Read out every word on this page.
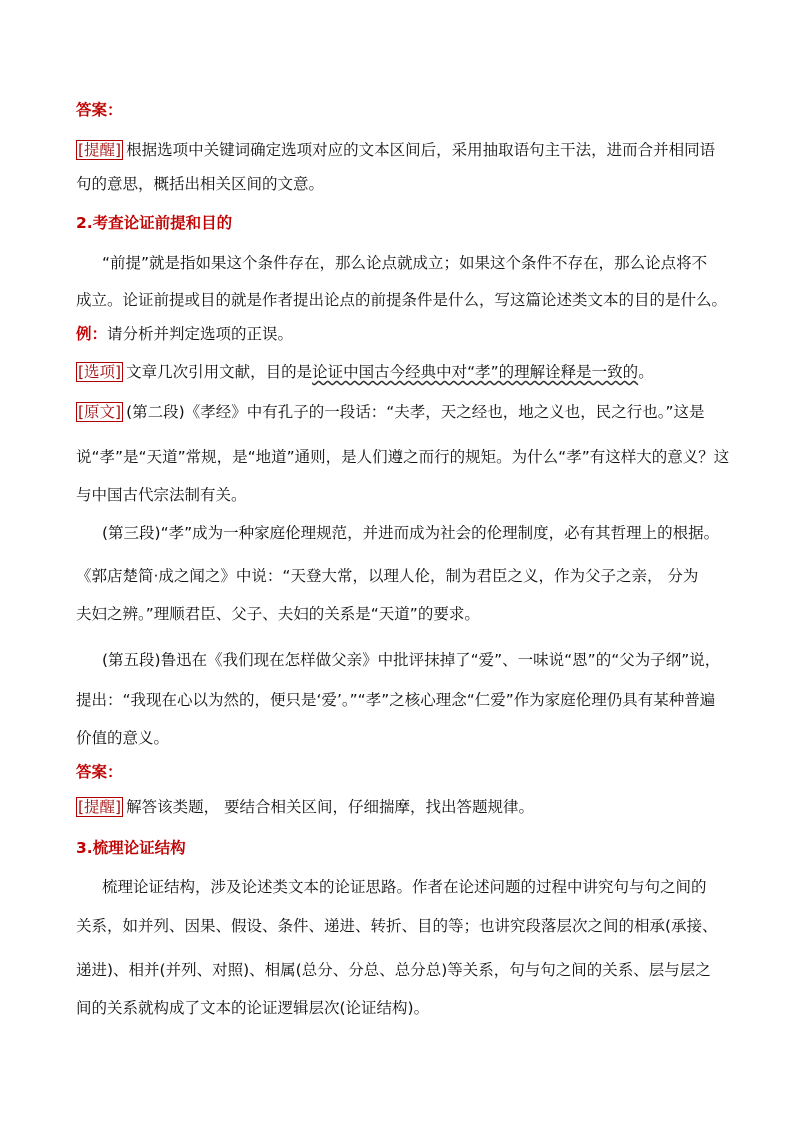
答案：
[提醒] 根据选项中关键词确定选项对应的文本区间后，采用抽取语句主干法，进而合并相同语
句的意思，概括出相关区间的文意。
2.考查论证前提和目的
“前提”就是指如果这个条件存在，那么论点就成立；如果这个条件不存在，那么论点将不
成立。论证前提或目的就是作者提出论点的前提条件是什么，写这篇论述类文本的目的是什么。
例：请分析并判定选项的正误。
[选项] 文章几次引用文献，目的是论证中国古今经典中对“孝”的理解诠释是一致的。
[原文] (第二段)《孝经》中有孔子的一段话：“夫孝，天之经也，地之义也，民之行也。”这是
说“孝”是“天道”常规，是“地道”通则，是人们遵之而行的规矩。为什么“孝”有这样大的意义？这
与中国古代宗法制有关。
(第三段)“孝”成为一种家庭伦理规范，并进而成为社会的伦理制度，必有其哲理上的根据。
《郭店楚简·成之闻之》中说：“天登大常，以理人伦，制为君臣之义，作为父子之亲， 分为
夫妇之辨。”理顺君臣、父子、夫妇的关系是“天道”的要求。
(第五段)鲁迅在《我们现在怎样做父亲》中批评抹掉了“爱”、一味说“恩”的“父为子纲”说，
提出：“我现在心以为然的，便只是‘爱’。”“孝”之核心理念“仁爱”作为家庭伦理仍具有某种普遍
价值的意义。
答案：
[提醒] 解答该类题， 要结合相关区间，仔细揣摩，找出答题规律。
3.梳理论证结构
梳理论证结构，涉及论述类文本的论证思路。作者在论述问题的过程中讲究句与句之间的
关系，如并列、因果、假设、条件、递进、转折、目的等；也讲究段落层次之间的相承(承接、
递进)、相并(并列、对照)、相属(总分、分总、总分总)等关系，句与句之间的关系、层与层之
间的关系就构成了文本的论证逻辑层次(论证结构)。
